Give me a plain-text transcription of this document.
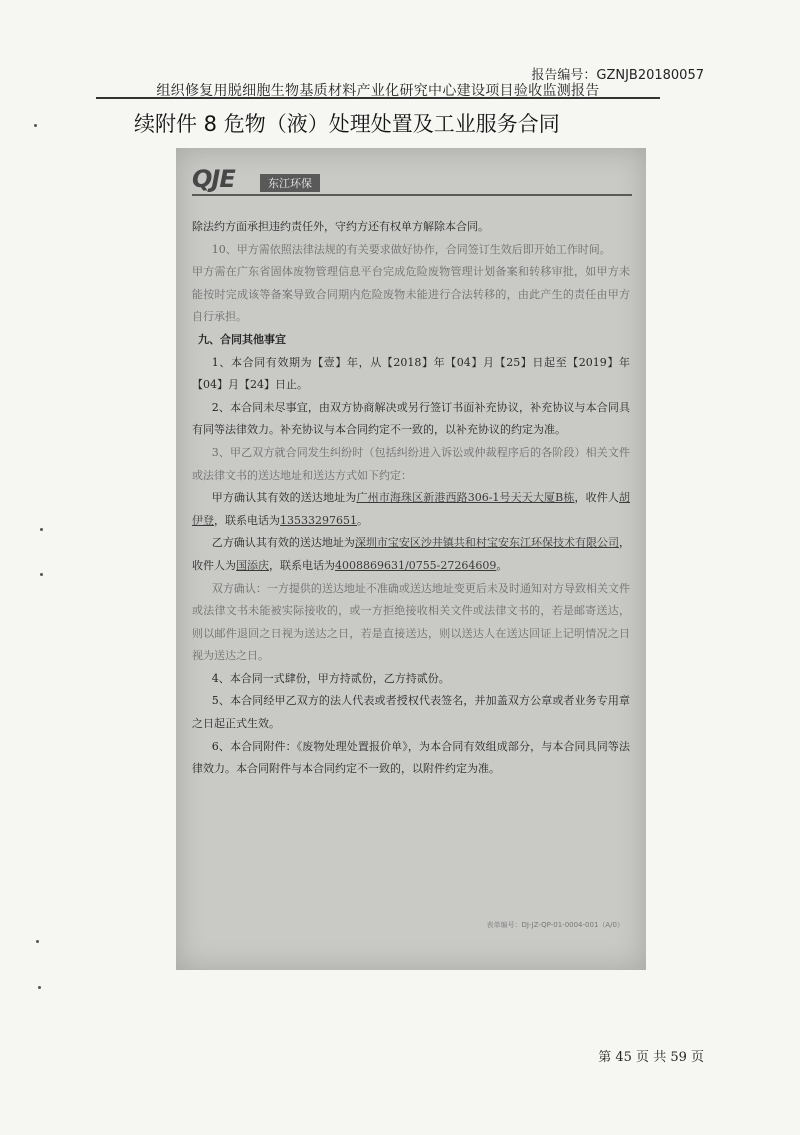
报告编号：GZNJB20180057
组织修复用脱细胞生物基质材料产业化研究中心建设项目验收监测报告
续附件 8 危物（液）处理处置及工业服务合同
QJE	东江环保

除法约方面承担违约责任外，守约方还有权单方解除本合同。

10、甲方需依照法律法规的有关要求做好协作，合同签订生效后即开始工作时间。

甲方需在广东省固体废物管理信息平台完成危险废物管理计划备案和转移审批，如甲方未能按时完成该等备案导致合同期内危险废物未能进行合法转移的，由此产生的责任由甲方自行承担。

九、合同其他事宜

1、本合同有效期为【壹】年，从【2018】年【04】月【25】日起至【2019】年【04】月【24】日止。

2、本合同未尽事宜，由双方协商解决或另行签订书面补充协议，补充协议与本合同具有同等法律效力。补充协议与本合同约定不一致的，以补充协议的约定为准。

3、甲乙双方就合同发生纠纷时（包括纠纷进入诉讼或仲裁程序后的各阶段）相关文件或法律文书的送达地址和送达方式如下约定：

甲方确认其有效的送达地址为广州市海珠区新港西路306-1号天天大厦B栋，收件人胡伊登，联系电话为13533297651。

乙方确认其有效的送达地址为深圳市宝安区沙井镇共和村宝安东江环保技术有限公司，收件人为国添庆，联系电话为4008869631/0755-27264609。

双方确认：一方提供的送达地址不准确或送达地址变更后未及时通知对方导致相关文件或法律文书未能被实际接收的，或一方拒绝接收相关文件或法律文书的，若是邮寄送达，则以邮件退回之日视为送达之日，若是直接送达，则以送达人在送达回证上记明情况之日视为送达之日。

4、本合同一式肆份，甲方持贰份，乙方持贰份。

5、本合同经甲乙双方的法人代表或者授权代表签名，并加盖双方公章或者业务专用章之日起正式生效。

6、本合同附件：《废物处理处置报价单》，为本合同有效组成部分，与本合同具同等法律效力。本合同附件与本合同约定不一致的，以附件约定为准。

表单编号：DJ-JZ-QP-01-0004-001（A/0）
第 45 页 共 59 页
